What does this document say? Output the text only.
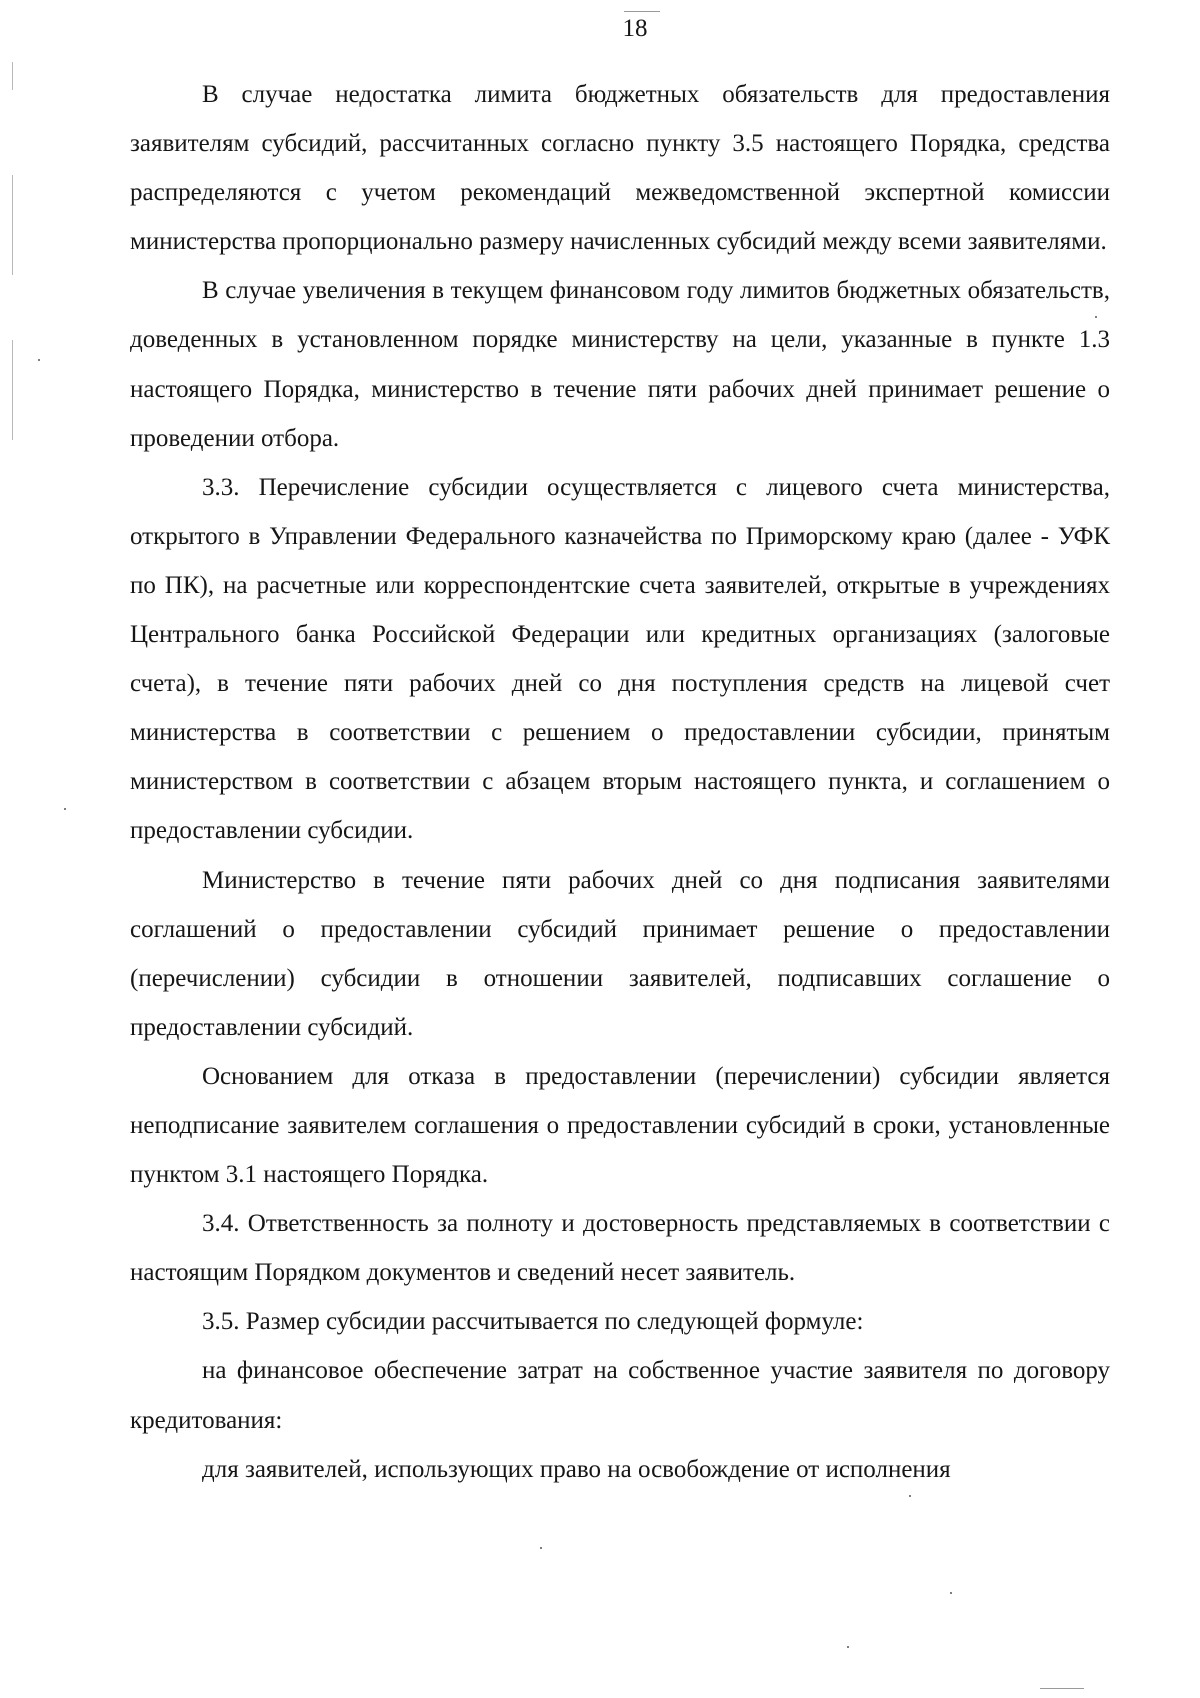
18

В случае недостатка лимита бюджетных обязательств для предоставления заявителям субсидий, рассчитанных согласно пункту 3.5 настоящего Порядка, средства распределяются с учетом рекомендаций межведомственной экспертной комиссии министерства пропорционально размеру начисленных субсидий между всеми заявителями.

В случае увеличения в текущем финансовом году лимитов бюджетных обязательств, доведенных в установленном порядке министерству на цели, указанные в пункте 1.3 настоящего Порядка, министерство в течение пяти рабочих дней принимает решение о проведении отбора.

3.3. Перечисление субсидии осуществляется с лицевого счета министерства, открытого в Управлении Федерального казначейства по Приморскому краю (далее - УФК по ПК), на расчетные или корреспондентские счета заявителей, открытые в учреждениях Центрального банка Российской Федерации или кредитных организациях (залоговые счета), в течение пяти рабочих дней со дня поступления средств на лицевой счет министерства в соответствии с решением о предоставлении субсидии, принятым министерством в соответствии с абзацем вторым настоящего пункта, и соглашением о предоставлении субсидии.

Министерство в течение пяти рабочих дней со дня подписания заявителями соглашений о предоставлении субсидий принимает решение о предоставлении (перечислении) субсидии в отношении заявителей, подписавших соглашение о предоставлении субсидий.

Основанием для отказа в предоставлении (перечислении) субсидии является неподписание заявителем соглашения о предоставлении субсидий в сроки, установленные пунктом 3.1 настоящего Порядка.

3.4. Ответственность за полноту и достоверность представляемых в соответствии с настоящим Порядком документов и сведений несет заявитель.

3.5. Размер субсидии рассчитывается по следующей формуле:

на финансовое обеспечение затрат на собственное участие заявителя по договору кредитования:

для заявителей, использующих право на освобождение от исполнения
